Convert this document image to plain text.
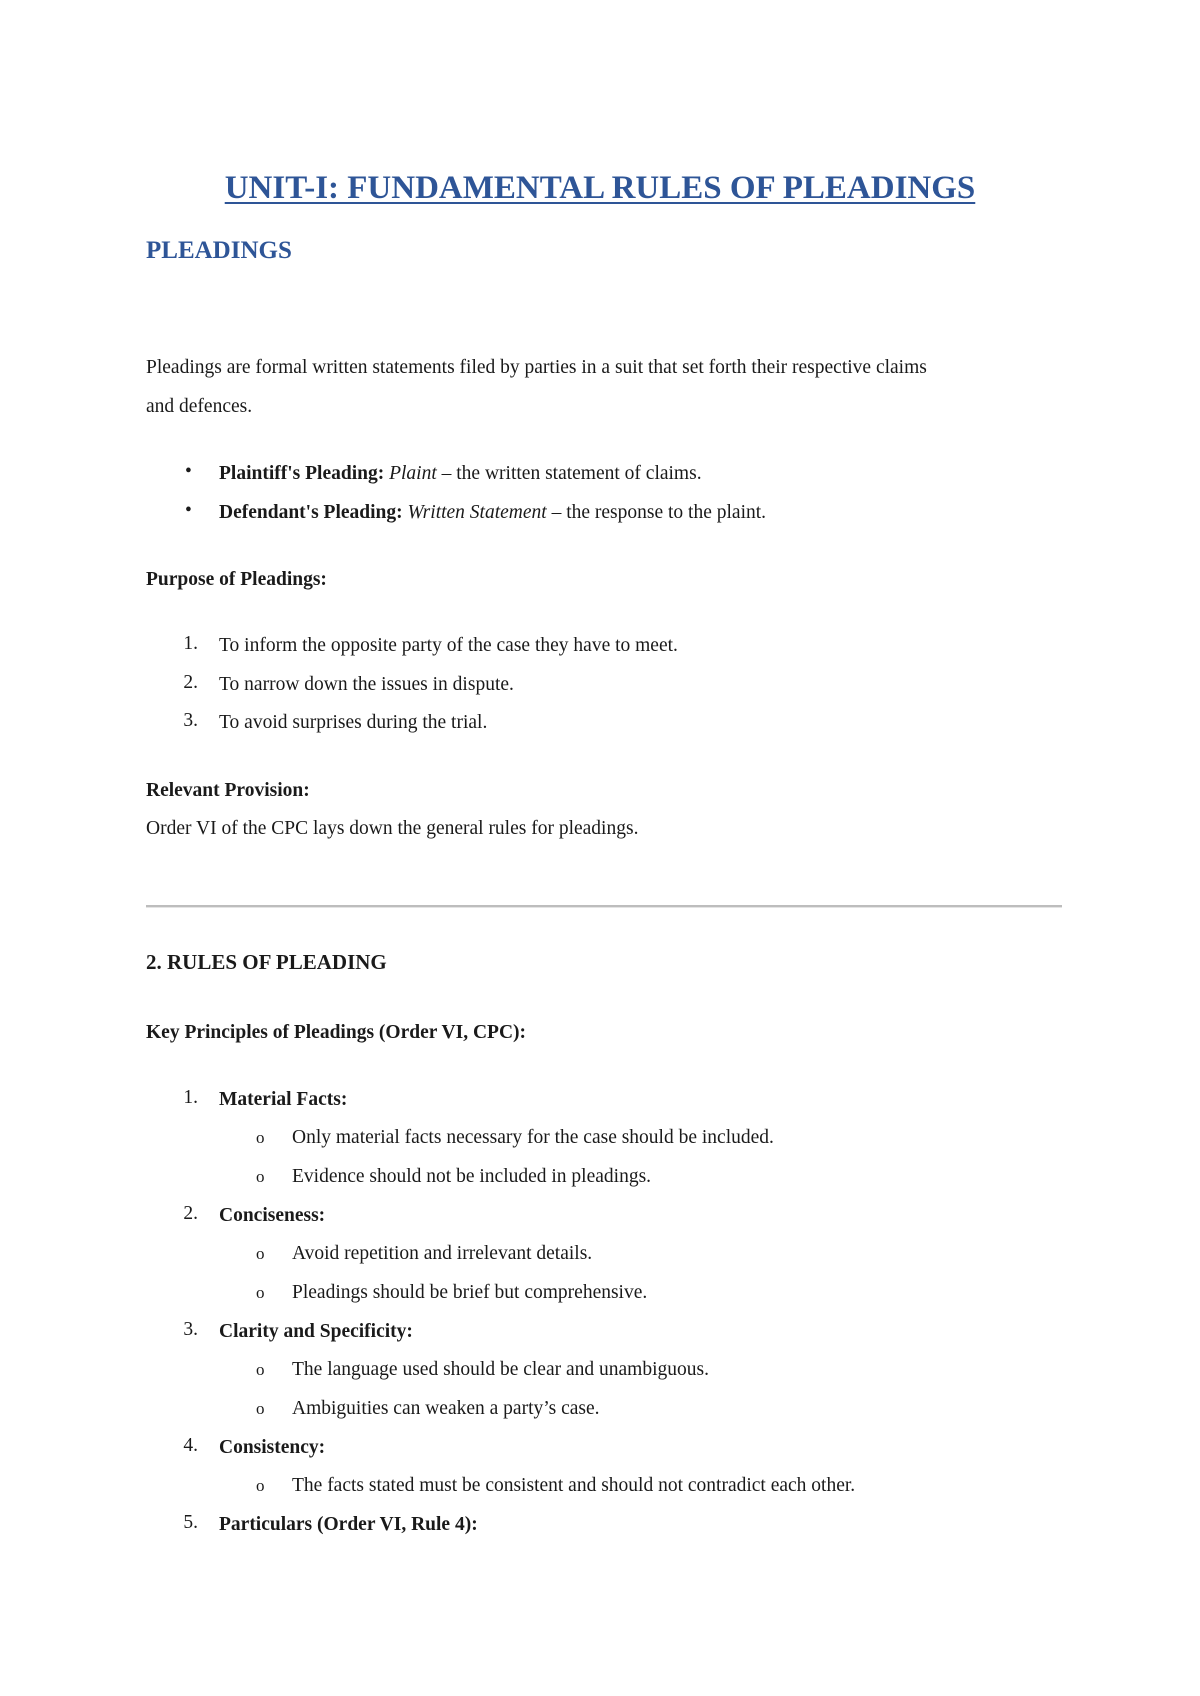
UNIT-I: FUNDAMENTAL RULES OF PLEADINGS
PLEADINGS
Pleadings are formal written statements filed by parties in a suit that set forth their respective claims
and defences.
• Plaintiff's Pleading: Plaint – the written statement of claims.
• Defendant's Pleading: Written Statement – the response to the plaint.
Purpose of Pleadings:
1. To inform the opposite party of the case they have to meet.
2. To narrow down the issues in dispute.
3. To avoid surprises during the trial.
Relevant Provision:
Order VI of the CPC lays down the general rules for pleadings.
2. RULES OF PLEADING
Key Principles of Pleadings (Order VI, CPC):
1. Material Facts:
o Only material facts necessary for the case should be included.
o Evidence should not be included in pleadings.
2. Conciseness:
o Avoid repetition and irrelevant details.
o Pleadings should be brief but comprehensive.
3. Clarity and Specificity:
o The language used should be clear and unambiguous.
o Ambiguities can weaken a party’s case.
4. Consistency:
o The facts stated must be consistent and should not contradict each other.
5. Particulars (Order VI, Rule 4):
